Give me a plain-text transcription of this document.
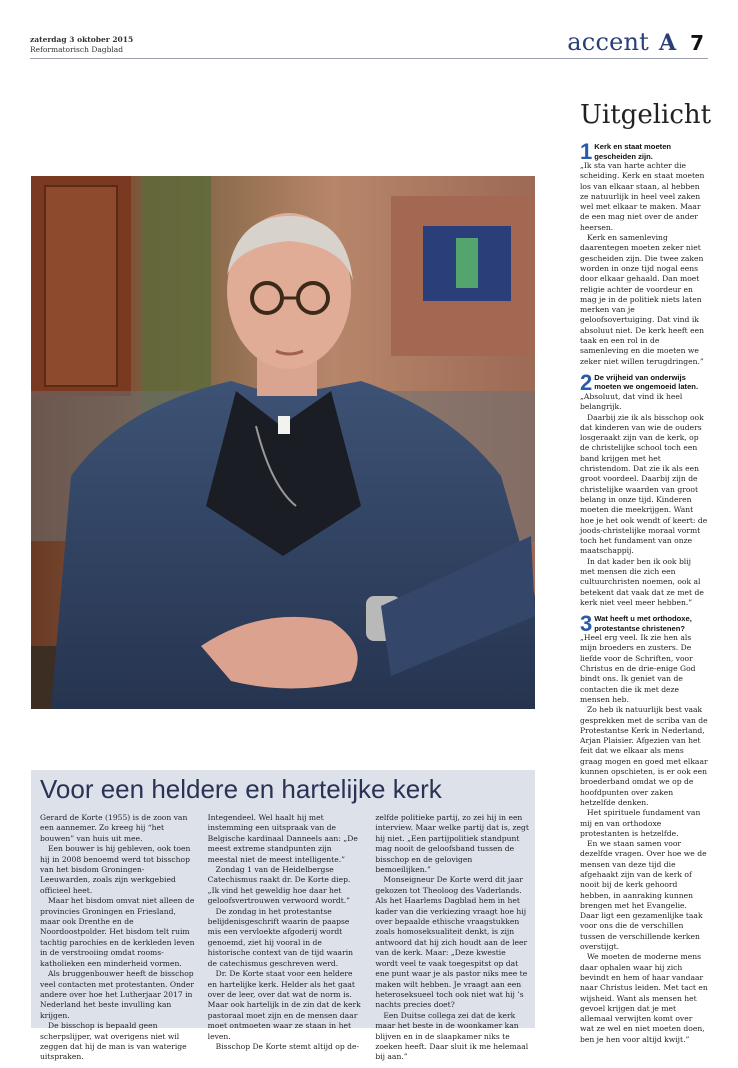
zaterdag 3 oktober 2015
Reformatorisch Dagblad	accent A 7
Voor een heldere en hartelijke kerk

Gerard de Korte (1955) is de zoon van een aannemer. Zo kreeg hij “het bouwen” van huis uit mee.

Een bouwer is hij gebleven, ook toen hij in 2008 benoemd werd tot bisschop van het bisdom Groningen-Leeuwarden, zoals zijn werkgebied officieel heet.

Maar het bisdom omvat niet alleen de provincies Groningen en Friesland, maar ook Drenthe en de Noordoostpolder. Het bisdom telt ruim tachtig parochies en de kerkleden leven in de verstrooiing omdat rooms-katholieken een minderheid vormen.

Als bruggenbouwer heeft de bisschop veel contacten met protestanten. Onder andere over hoe het Lutherjaar 2017 in Nederland het beste invulling kan krijgen.

De bisschop is bepaald geen scherpslijper, wat overigens niet wil zeggen dat hij de man is van waterige uitspraken.

Integendeel. Wel haalt hij met instemming een uitspraak van de Belgische kardinaal Danneels aan: „De meest extreme standpunten zijn meestal niet de meest intelligente.”

Zondag 1 van de Heidelbergse Catechismus raakt dr. De Korte diep. „Ik vind het geweldig hoe daar het geloofsvertrouwen verwoord wordt.”

De zondag in het protestantse belijdenisgeschrift waarin de paapse mis een vervloekte afgoderij wordt genoemd, ziet hij vooral in de historische context van de tijd waarin de catechismus geschreven werd.

Dr. De Korte staat voor een heldere en hartelijke kerk. Helder als het gaat over de leer, over dat wat de norm is. Maar ook hartelijk in de zin dat de kerk pastoraal moet zijn en de mensen daar moet ontmoeten waar ze staan in het leven.

Bisschop De Korte stemt altijd op de-

zelfde politieke partij, zo zei hij in een interview. Maar welke partij dat is, zegt hij niet. „Een partijpolitiek standpunt mag nooit de geloofsband tussen de bisschop en de gelovigen bemoeilijken.”

Monseigneur De Korte werd dit jaar gekozen tot Theoloog des Vaderlands. Als het Haarlems Dagblad hem in het kader van die verkiezing vraagt hoe hij over bepaalde ethische vraagstukken zoals homoseksualiteit denkt, is zijn antwoord dat hij zich houdt aan de leer van de kerk. Maar: „Deze kwestie wordt veel te vaak toegespitst op dat ene punt waar je als pastor niks mee te maken wilt hebben. Je vraagt aan een heteroseksueel toch ook niet wat hij ’s nachts precies doet?

Een Duitse collega zei dat de kerk maar het beste in de woonkamer kan blijven en in de slaapkamer niks te zoeken heeft. Daar sluit ik me helemaal bij aan.”

Uitgelicht
1 Kerk en staat moeten gescheiden zijn.

„Ik sta van harte achter die scheiding. Kerk en staat moeten los van elkaar staan, al hebben ze natuurlijk in heel veel zaken wel met elkaar te maken. Maar de een mag niet over de ander heersen.

Kerk en samenleving daarentegen moeten zeker niet gescheiden zijn. Die twee zaken worden in onze tijd nogal eens door elkaar gehaald. Dan moet religie achter de voordeur en mag je in de politiek niets laten merken van je geloofsovertuiging. Dat vind ik absoluut niet. De kerk heeft een taak en een rol in de samenleving en die moeten we zeker niet willen terugdringen.”

2 De vrijheid van onderwijs moeten we ongemoeid laten.

„Absoluut, dat vind ik heel belangrijk.

Daarbij zie ik als bisschop ook dat kinderen van wie de ouders losgeraakt zijn van de kerk, op de christelijke school toch een band krijgen met het christendom. Dat zie ik als een groot voordeel. Daarbij zijn de christelijke waarden van groot belang in onze tijd. Kinderen moeten die meekrijgen. Want hoe je het ook wendt of keert: de joods-christelijke moraal vormt toch het fundament van onze maatschappij.

In dat kader ben ik ook blij met mensen die zich een cultuurchristen noemen, ook al betekent dat vaak dat ze met de kerk niet veel meer hebben.”

3 Wat heeft u met orthodoxe, protestantse christenen?

„Heel erg veel. Ik zie hen als mijn broeders en zusters. De liefde voor de Schriften, voor Christus en de drie-enige God bindt ons. Ik geniet van de contacten die ik met deze mensen heb.

Zo heb ik natuurlijk best vaak gesprekken met de scriba van de Protestantse Kerk in Nederland, Arjan Plaisier. Afgezien van het feit dat we elkaar als mens graag mogen en goed met elkaar kunnen opschieten, is er ook een broederband omdat we op de hoofdpunten over zaken hetzelfde denken.

Het spirituele fundament van mij en van orthodoxe protestanten is hetzelfde.

En we staan samen voor dezelfde vragen. Over hoe we de mensen van deze tijd die afgehaakt zijn van de kerk of nooit bij de kerk gehoord hebben, in aanraking kunnen brengen met het Evangelie. Daar ligt een gezamenlijke taak voor ons die de verschillen tussen de verschillende kerken overstijgt.

We moeten de moderne mens daar ophalen waar hij zich bevindt en hem of haar vandaar naar Christus leiden. Met tact en wijsheid. Want als mensen het gevoel krijgen dat je met allemaal verwijten komt over wat ze wel en niet moeten doen, ben je hen voor altijd kwijt.”
